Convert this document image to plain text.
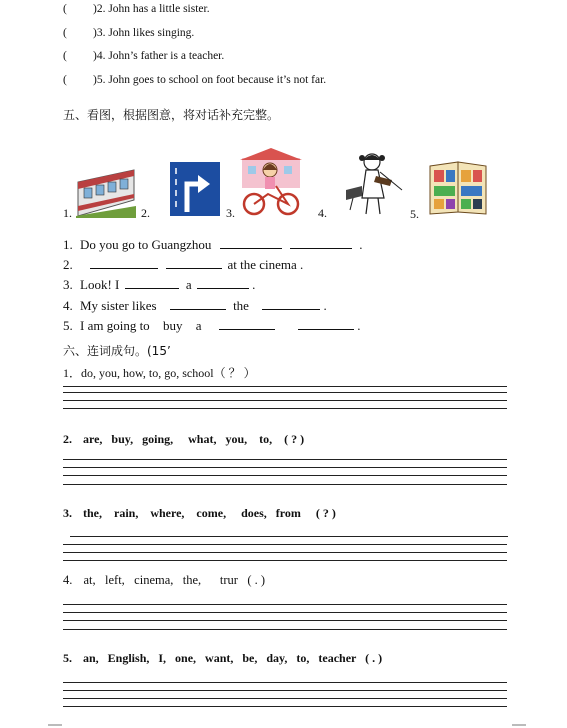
( )2. John has a little sister.
( )3. John likes singing.
( )4. John’s father is a teacher.
( )5. John goes to school on foot because it’s not far.
五、看图，根据图意，将对话补充完整。
1.	2.	3.	4.	5.
1. Do you go to Guangzhou	.
2.	at the cinema .
3. Look! I	a	.
4. My sister likes	the	.
5. I am going to buy a	.
六、连词成句。(15’
1．do, you, how, to, go, school（ ？ ）
2. are,   buy,   going,     what,   you,    to,    ( ? )
3. the,    rain,    where,    come,     does,   from     ( ? )
4. at,   left,   cinema,   the,      trur   ( . )
5. an,   English,   I,   one,   want,   be,   day,   to,   teacher   ( . )
